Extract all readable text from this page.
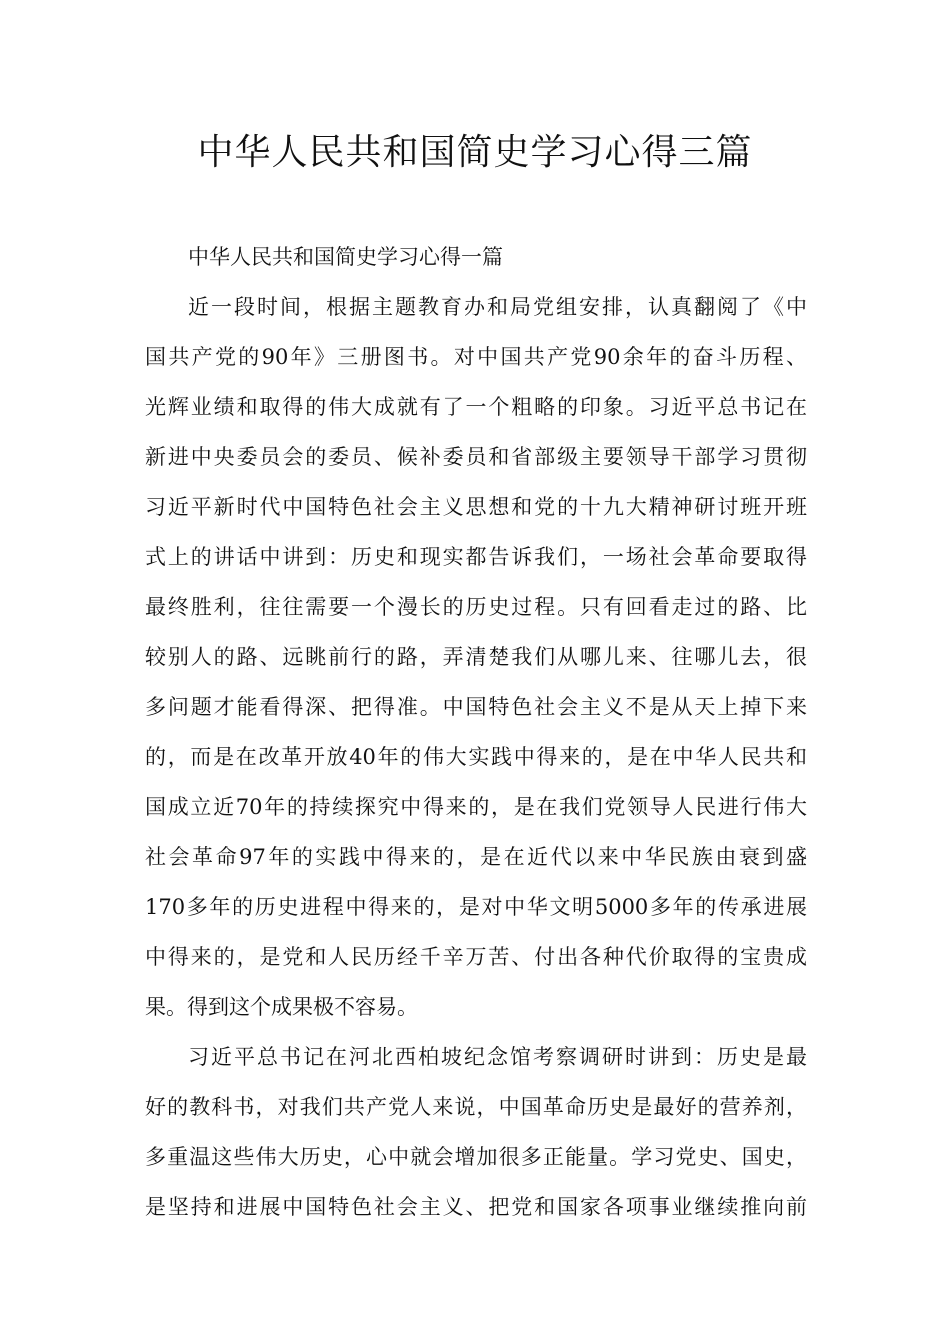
中华人民共和国简史学习心得三篇

中华人民共和国简史学习心得一篇

近一段时间，根据主题教育办和局党组安排，认真翻阅了《中
国共产党的90年》三册图书。对中国共产党90余年的奋斗历程、
光辉业绩和取得的伟大成就有了一个粗略的印象。习近平总书记在
新进中央委员会的委员、候补委员和省部级主要领导干部学习贯彻
习近平新时代中国特色社会主义思想和党的十九大精神研讨班开班
式上的讲话中讲到：历史和现实都告诉我们，一场社会革命要取得
最终胜利，往往需要一个漫长的历史过程。只有回看走过的路、比
较别人的路、远眺前行的路，弄清楚我们从哪儿来、往哪儿去，很
多问题才能看得深、把得准。中国特色社会主义不是从天上掉下来
的，而是在改革开放40年的伟大实践中得来的，是在中华人民共和
国成立近70年的持续探究中得来的，是在我们党领导人民进行伟大
社会革命97年的实践中得来的，是在近代以来中华民族由衰到盛
170多年的历史进程中得来的，是对中华文明5000多年的传承进展
中得来的，是党和人民历经千辛万苦、付出各种代价取得的宝贵成
果。得到这个成果极不容易。

习近平总书记在河北西柏坡纪念馆考察调研时讲到：历史是最
好的教科书，对我们共产党人来说，中国革命历史是最好的营养剂，
多重温这些伟大历史，心中就会增加很多正能量。学习党史、国史，
是坚持和进展中国特色社会主义、把党和国家各项事业继续推向前
